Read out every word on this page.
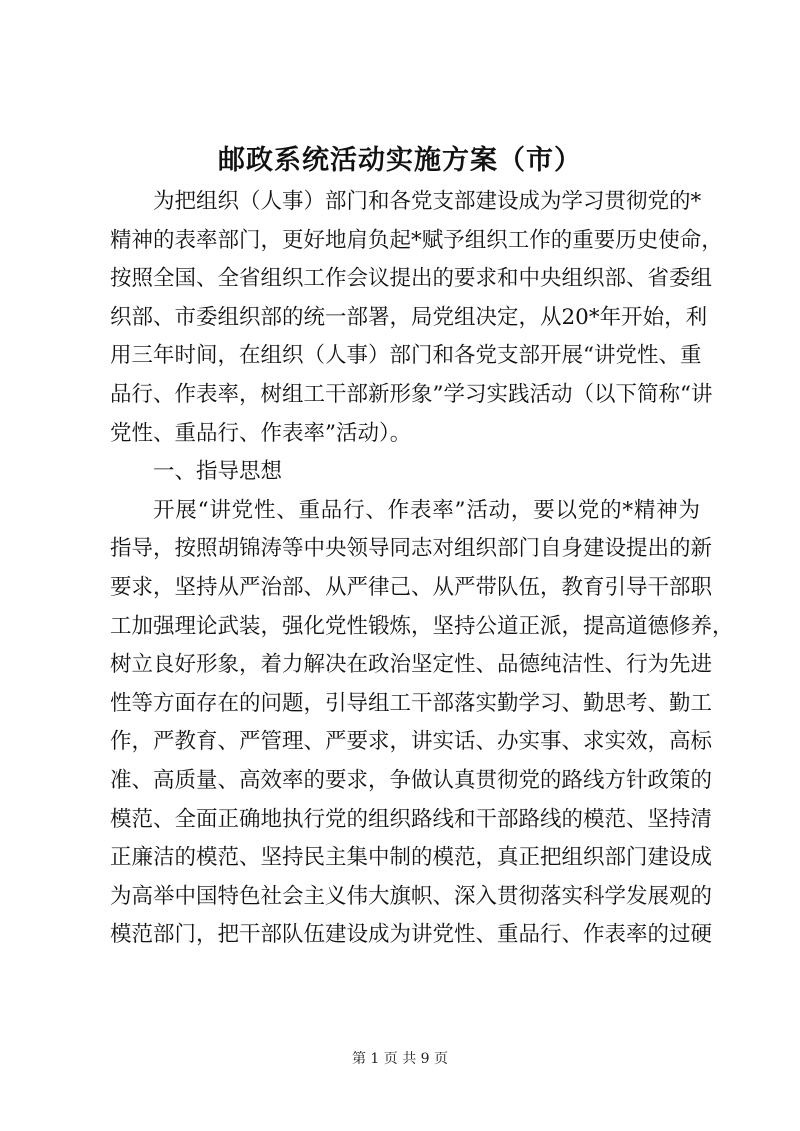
邮政系统活动实施方案（市）
为把组织（人事）部门和各党支部建设成为学习贯彻党的*
精神的表率部门，更好地肩负起*赋予组织工作的重要历史使命，
按照全国、全省组织工作会议提出的要求和中央组织部、省委组
织部、市委组织部的统一部署，局党组决定，从20*年开始，利
用三年时间，在组织（人事）部门和各党支部开展“讲党性、重
品行、作表率，树组工干部新形象”学习实践活动（以下简称“讲
党性、重品行、作表率”活动）。
一、指导思想
开展“讲党性、重品行、作表率”活动，要以党的*精神为
指导，按照胡锦涛等中央领导同志对组织部门自身建设提出的新
要求，坚持从严治部、从严律己、从严带队伍，教育引导干部职
工加强理论武装，强化党性锻炼，坚持公道正派，提高道德修养，
树立良好形象，着力解决在政治坚定性、品德纯洁性、行为先进
性等方面存在的问题，引导组工干部落实勤学习、勤思考、勤工
作，严教育、严管理、严要求，讲实话、办实事、求实效，高标
准、高质量、高效率的要求，争做认真贯彻党的路线方针政策的
模范、全面正确地执行党的组织路线和干部路线的模范、坚持清
正廉洁的模范、坚持民主集中制的模范，真正把组织部门建设成
为高举中国特色社会主义伟大旗帜、深入贯彻落实科学发展观的
模范部门，把干部队伍建设成为讲党性、重品行、作表率的过硬
第 1 页 共 9 页
